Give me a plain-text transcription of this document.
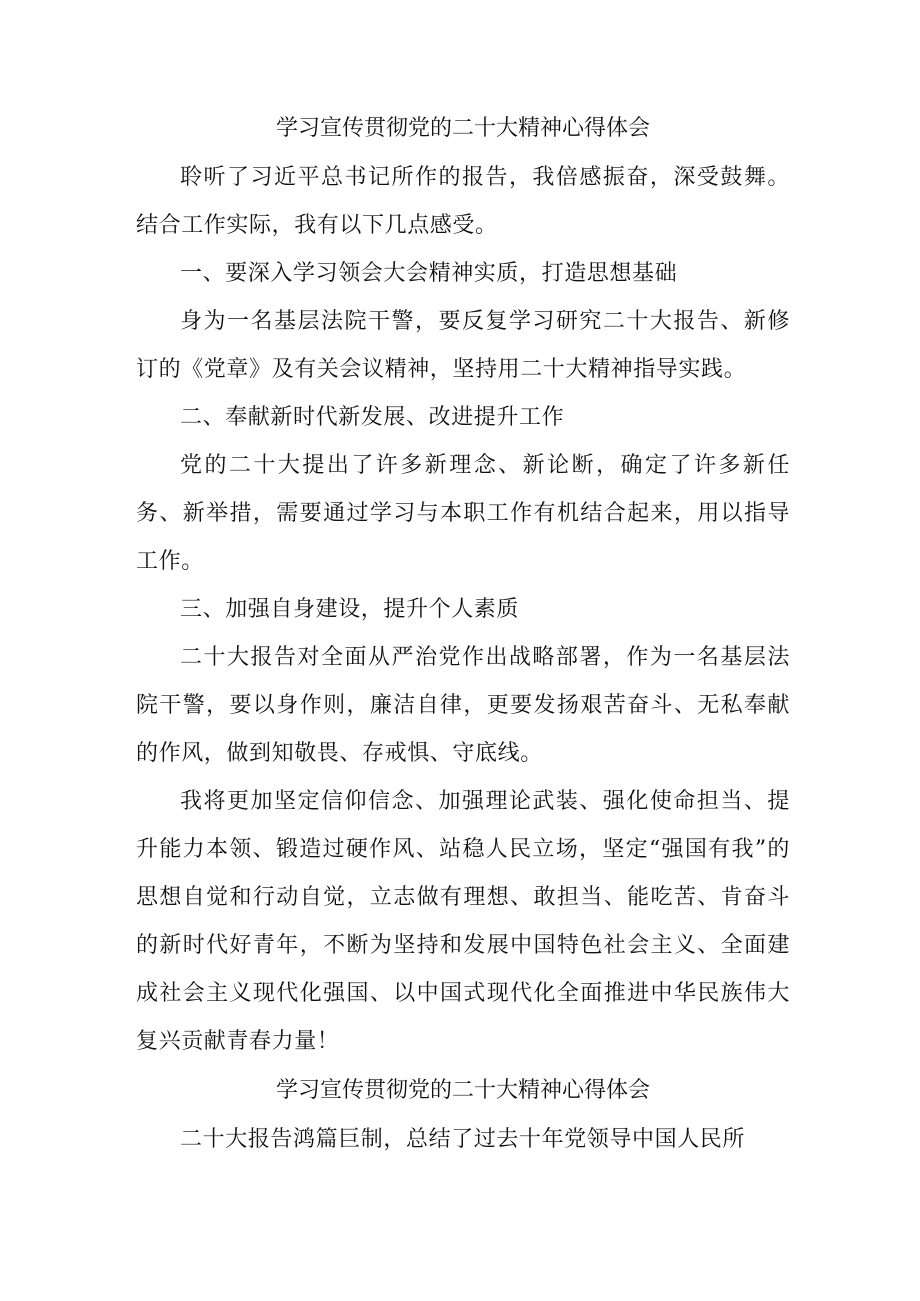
学习宣传贯彻党的二十大精神心得体会

聆听了习近平总书记所作的报告，我倍感振奋，深受鼓舞。结合工作实际，我有以下几点感受。

一、要深入学习领会大会精神实质，打造思想基础

身为一名基层法院干警，要反复学习研究二十大报告、新修订的《党章》及有关会议精神，坚持用二十大精神指导实践。

二、奉献新时代新发展、改进提升工作

党的二十大提出了许多新理念、新论断，确定了许多新任务、新举措，需要通过学习与本职工作有机结合起来，用以指导工作。

三、加强自身建设，提升个人素质

二十大报告对全面从严治党作出战略部署，作为一名基层法院干警，要以身作则，廉洁自律，更要发扬艰苦奋斗、无私奉献的作风，做到知敬畏、存戒惧、守底线。

我将更加坚定信仰信念、加强理论武装、强化使命担当、提升能力本领、锻造过硬作风、站稳人民立场，坚定“强国有我”的思想自觉和行动自觉，立志做有理想、敢担当、能吃苦、肯奋斗的新时代好青年，不断为坚持和发展中国特色社会主义、全面建成社会主义现代化强国、以中国式现代化全面推进中华民族伟大复兴贡献青春力量！

学习宣传贯彻党的二十大精神心得体会

二十大报告鸿篇巨制，总结了过去十年党领导中国人民所
